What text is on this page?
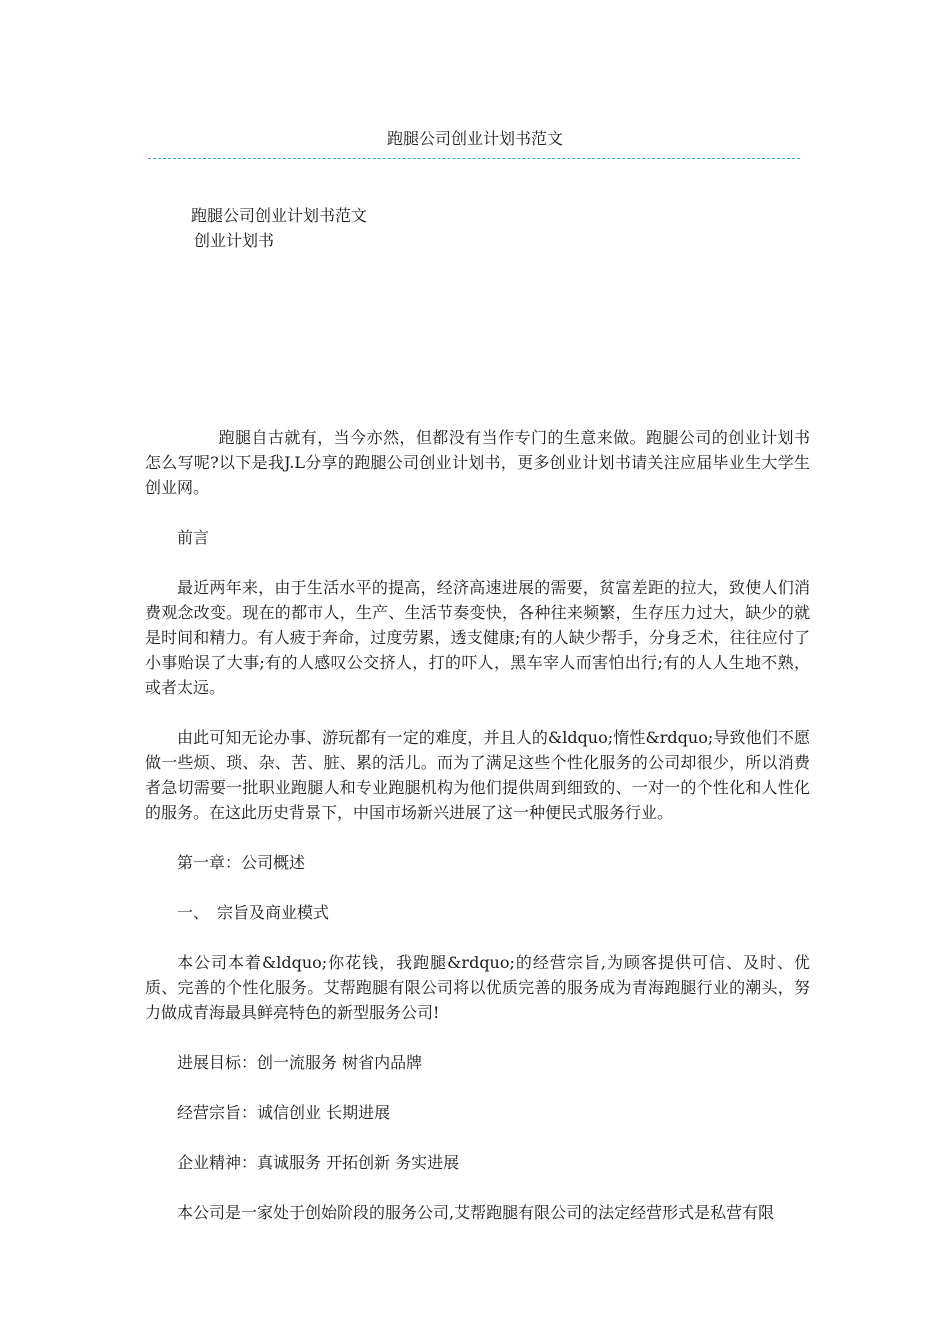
跑腿公司创业计划书范文
跑腿公司创业计划书范文
创业计划书

跑腿自古就有，当今亦然，但都没有当作专门的生意来做。跑腿公司的创业计划书怎么写呢?以下是我J.L分享的跑腿公司创业计划书，更多创业计划书请关注应届毕业生大学生创业网。

前言

最近两年来，由于生活水平的提高，经济高速进展的需要，贫富差距的拉大，致使人们消费观念改变。现在的都市人，生产、生活节奏变快，各种往来频繁，生存压力过大，缺少的就是时间和精力。有人疲于奔命，过度劳累，透支健康;有的人缺少帮手，分身乏术，往往应付了小事贻误了大事;有的人感叹公交挤人，打的吓人，黑车宰人而害怕出行;有的人人生地不熟，或者太远。

由此可知无论办事、游玩都有一定的难度，并且人的&ldquo;惰性&rdquo;导致他们不愿做一些烦、琐、杂、苦、脏、累的活儿。而为了满足这些个性化服务的公司却很少，所以消费者急切需要一批职业跑腿人和专业跑腿机构为他们提供周到细致的、一对一的个性化和人性化的服务。在这此历史背景下，中国市场新兴进展了这一种便民式服务行业。

第一章：公司概述

一、　宗旨及商业模式

本公司本着&ldquo;你花钱，我跑腿&rdquo;的经营宗旨,为顾客提供可信、及时、优质、完善的个性化服务。艾帮跑腿有限公司将以优质完善的服务成为青海跑腿行业的潮头，努力做成青海最具鲜亮特色的新型服务公司!

进展目标：创一流服务 树省内品牌

经营宗旨：诚信创业 长期进展

企业精神：真诚服务 开拓创新 务实进展

本公司是一家处于创始阶段的服务公司,艾帮跑腿有限公司的法定经营形式是私营有限
